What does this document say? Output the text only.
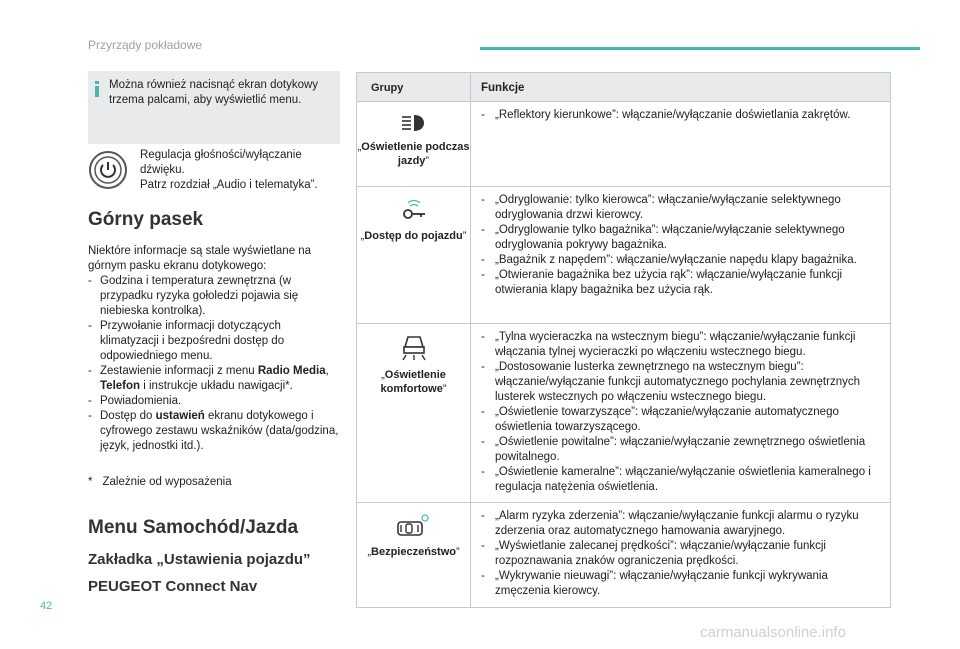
Przyrządy pokładowe

Można również nacisnąć ekran dotykowy trzema palcami, aby wyświetlić menu.

Regulacja głośności/wyłączanie dźwięku.
Patrz rozdział „Audio i telematyka”.
Górny pasek

Niektóre informacje są stale wyświetlane na górnym pasku ekranu dotykowego:

- Godzina i temperatura zewnętrzna (w przypadku ryzyka gołoledzi pojawia się niebieska kontrolka).
- Przywołanie informacji dotyczących klimatyzacji i bezpośredni dostęp do odpowiedniego menu.
- Zestawienie informacji z menu Radio Media, Telefon i instrukcje układu nawigacji*.
- Powiadomienia.
- Dostęp do ustawień ekranu dotykowego i cyfrowego zestawu wskaźników (data/godzina, język, jednostki itd.).
* Zależnie od wyposażenia
Menu Samochód/Jazda
Zakładka „Ustawienia pojazdu”
PEUGEOT Connect Nav
Grupy	Funkcje
„Oświetlenie podczas jazdy”
- „Reflektory kierunkowe”: włączanie/wyłączanie doświetlania zakrętów.
„Dostęp do pojazdu”
- „Odryglowanie: tylko kierowca”: włączanie/wyłączanie selektywnego odryglowania drzwi kierowcy.
- „Odryglowanie tylko bagażnika”: włączanie/wyłączanie selektywnego odryglowania pokrywy bagażnika.
- „Bagażnik z napędem”: włączanie/wyłączanie napędu klapy bagażnika.
- „Otwieranie bagażnika bez użycia rąk”: włączanie/wyłączanie funkcji otwierania klapy bagażnika bez użycia rąk.
„Oświetlenie komfortowe”
- „Tylna wycieraczka na wstecznym biegu”: włączanie/wyłączanie funkcji włączania tylnej wycieraczki po włączeniu wstecznego biegu.
- „Dostosowanie lusterka zewnętrznego na wstecznym biegu”: włączanie/wyłączanie funkcji automatycznego pochylania zewnętrznych lusterek wstecznych po włączeniu wstecznego biegu.
- „Oświetlenie towarzyszące”: włączanie/wyłączanie automatycznego oświetlenia towarzyszącego.
- „Oświetlenie powitalne”: włączanie/wyłączanie zewnętrznego oświetlenia powitalnego.
- „Oświetlenie kameralne”: włączanie/wyłączanie oświetlenia kameralnego i regulacja natężenia oświetlenia.
„Bezpieczeństwo”
- „Alarm ryzyka zderzenia”: włączanie/wyłączanie funkcji alarmu o ryzyku zderzenia oraz automatycznego hamowania awaryjnego.
- „Wyświetlanie zalecanej prędkości”: włączanie/wyłączanie funkcji rozpoznawania znaków ograniczenia prędkości.
- „Wykrywanie nieuwagi”: włączanie/wyłączanie funkcji wykrywania zmęczenia kierowcy.
42
carmanualsonline.info
